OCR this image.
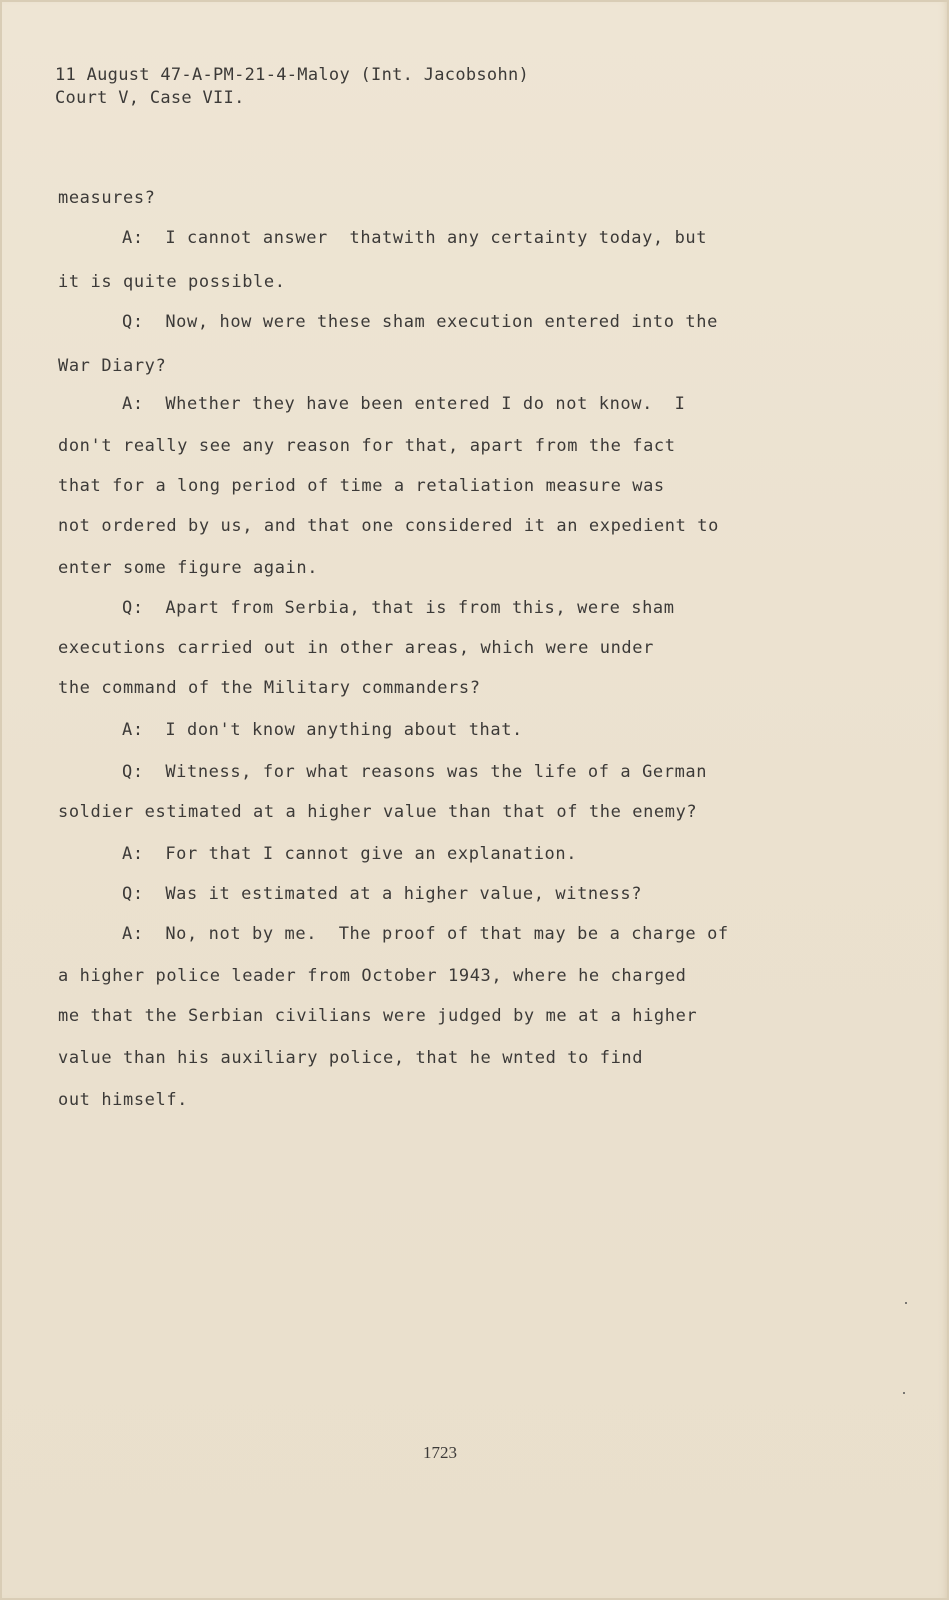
11 August 47-A-PM-21-4-Maloy (Int. Jacobsohn)
Court V, Case VII.
measures?
A:  I cannot answer  thatwith any certainty today, but
it is quite possible.
Q:  Now, how were these sham execution entered into the
War Diary?
A:  Whether they have been entered I do not know.  I
don't really see any reason for that, apart from the fact
that for a long period of time a retaliation measure was
not ordered by us, and that one considered it an expedient to
enter some figure again.
Q:  Apart from Serbia, that is from this, were sham
executions carried out in other areas, which were under
the command of the Military commanders?
A:  I don't know anything about that.
Q:  Witness, for what reasons was the life of a German
soldier estimated at a higher value than that of the enemy?
A:  For that I cannot give an explanation.
Q:  Was it estimated at a higher value, witness?
A:  No, not by me.  The proof of that may be a charge of
a higher police leader from October 1943, where he charged
me that the Serbian civilians were judged by me at a higher
value than his auxiliary police, that he wnted to find
out himself.
1723
